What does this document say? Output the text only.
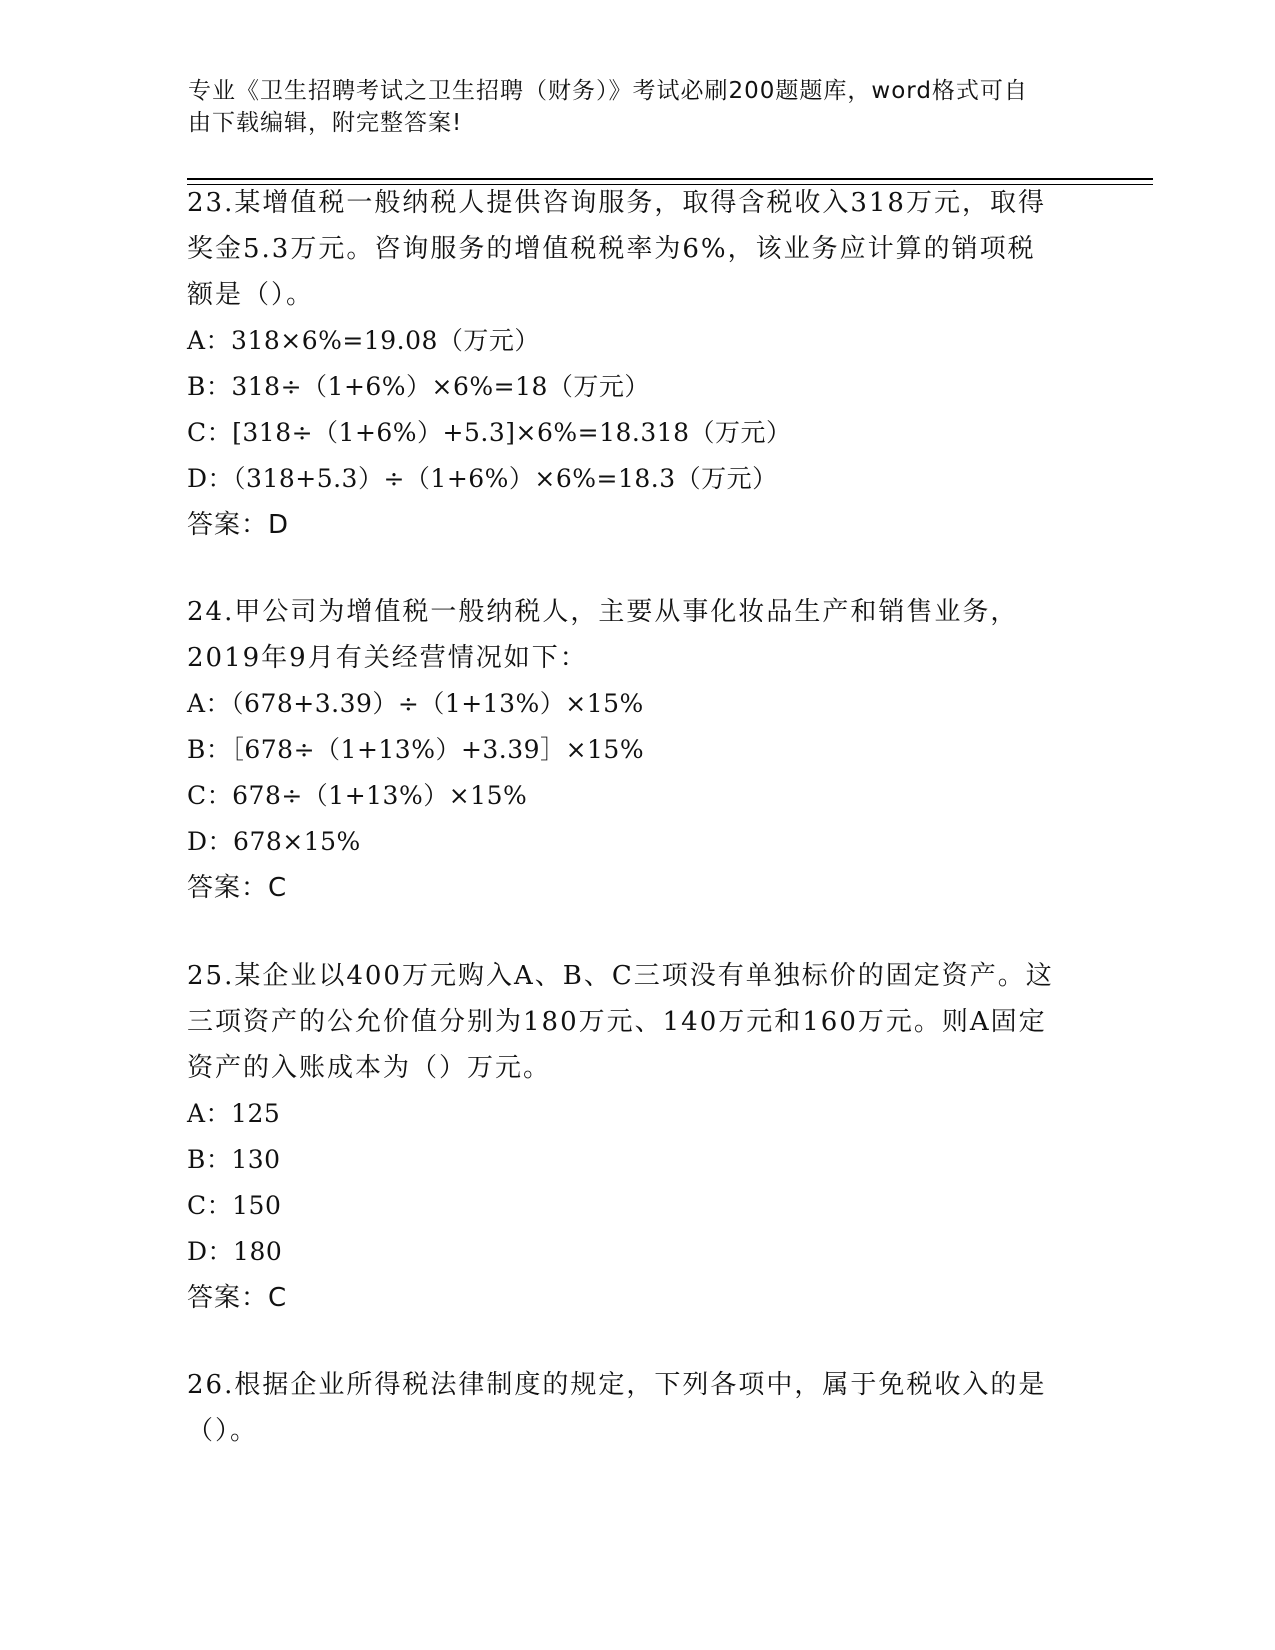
专业《卫生招聘考试之卫生招聘（财务）》考试必刷200题题库，word格式可自
由下载编辑，附完整答案!
23.某增值税一般纳税人提供咨询服务，取得含税收入318万元，取得
奖金5.3万元。咨询服务的增值税税率为6%，该业务应计算的销项税
额是（）。
A：318×6%=19.08（万元）
B：318÷（1+6%）×6%=18（万元）
C：[318÷（1+6%）+5.3]×6%=18.318（万元）
D：（318+5.3）÷（1+6%）×6%=18.3（万元）
答案：D
24.甲公司为增值税一般纳税人，主要从事化妆品生产和销售业务，
2019年9月有关经营情况如下：
A：（678+3.39）÷（1+13%）×15%
B：［678÷（1+13%）+3.39］×15%
C：678÷（1+13%）×15%
D：678×15%
答案：C
25.某企业以400万元购入A、B、C三项没有单独标价的固定资产。这
三项资产的公允价值分别为180万元、140万元和160万元。则A固定
资产的入账成本为（）万元。
A：125
B：130
C：150
D：180
答案：C
26.根据企业所得税法律制度的规定，下列各项中，属于免税收入的是
（）。
